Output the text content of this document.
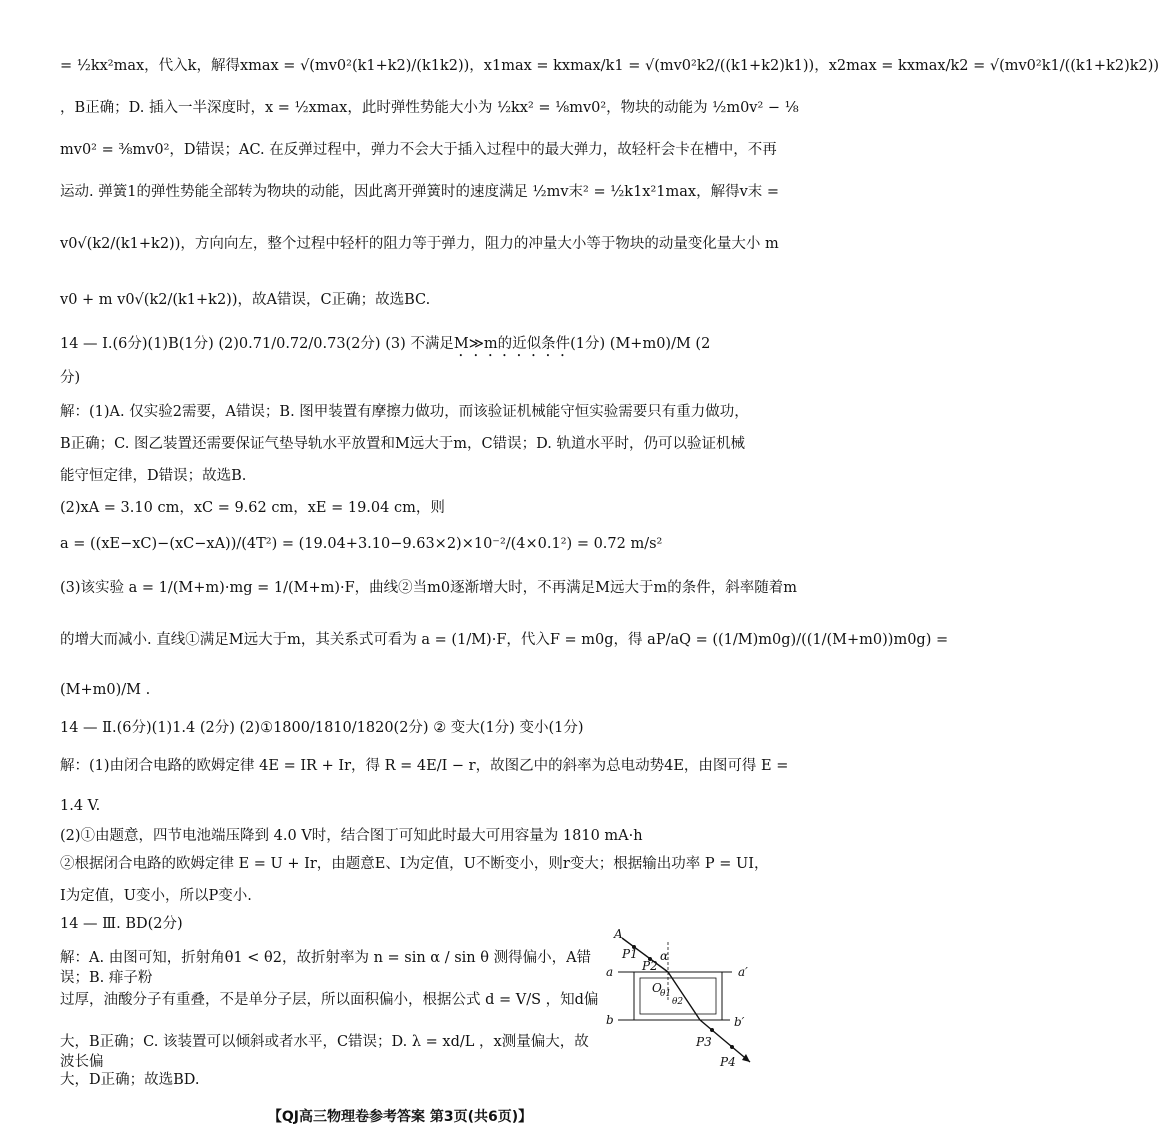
= ½kx²max，代入k，解得xmax = √(mv0²(k1+k2)/(k1k2))，x1max = kxmax/k1 = √(mv0²k2/((k1+k2)k1))，x2max = kxmax/k2 = √(mv0²k1/((k1+k2)k2))
，B正确；D. 插入一半深度时，x = ½xmax，此时弹性势能大小为 ½kx² = ⅛mv0²，物块的动能为 ½m0v² − ⅛
mv0² = ⅜mv0²，D错误；AC. 在反弹过程中，弹力不会大于插入过程中的最大弹力，故轻杆会卡在槽中，不再
运动. 弹簧1的弹性势能全部转为物块的动能，因此离开弹簧时的速度满足 ½mv末² = ½k1x²1max，解得v末 =
v0√(k2/(k1+k2))，方向向左，整个过程中轻杆的阻力等于弹力，阻力的冲量大小等于物块的动量变化量大小 m
v0 + m v0√(k2/(k1+k2))，故A错误，C正确；故选BC.
14 — Ⅰ.(6分)(1)B(1分) (2)0.71/0.72/0.73(2分) (3) 不满足M≫m的近似条件(1分) (M+m0)/M (2
分)
解：(1)A. 仅实验2需要，A错误；B. 图甲装置有摩擦力做功，而该验证机械能守恒实验需要只有重力做功，
B正确；C. 图乙装置还需要保证气垫导轨水平放置和M远大于m，C错误；D. 轨道水平时，仍可以验证机械
能守恒定律，D错误；故选B.
(2)xA = 3.10 cm，xC = 9.62 cm，xE = 19.04 cm，则
a = ((xE−xC)−(xC−xA))/(4T²) = (19.04+3.10−9.63×2)×10⁻²/(4×0.1²) = 0.72 m/s²
(3)该实验 a = 1/(M+m)·mg = 1/(M+m)·F，曲线②当m0逐渐增大时，不再满足M远大于m的条件，斜率随着m
的增大而减小. 直线①满足M远大于m，其关系式可看为 a = (1/M)·F，代入F = m0g，得 aP/aQ = ((1/M)m0g)/((1/(M+m0))m0g) =
(M+m0)/M .
14 — Ⅱ.(6分)(1)1.4 (2分) (2)①1800/1810/1820(2分) ② 变大(1分) 变小(1分)
解：(1)由闭合电路的欧姆定律 4E = IR + Ir，得 R = 4E/I − r，故图乙中的斜率为总电动势4E，由图可得 E =
1.4 V.
(2)①由题意，四节电池端压降到 4.0 V时，结合图丁可知此时最大可用容量为 1810 mA·h
②根据闭合电路的欧姆定律 E = U + Ir，由题意E、I为定值，U不断变小，则r变大；根据输出功率 P = UI，
I为定值，U变小，所以P变小.
14 — Ⅲ. BD(2分)
解：A. 由图可知，折射角θ1 < θ2，故折射率为 n = sin α / sin θ 测得偏小，A错误；B. 痱子粉
过厚，油酸分子有重叠，不是单分子层，所以面积偏小，根据公式 d = V/S ，知d偏
大，B正确；C. 该装置可以倾斜或者水平，C错误；D. λ = xd/L ，x测量偏大，故波长偏
大，D正确；故选BD.
A
P1
P2
α
a	a′
O
θ1
θ2
b	b′
P3
P4
【QJ高三物理卷参考答案 第3页(共6页)】
